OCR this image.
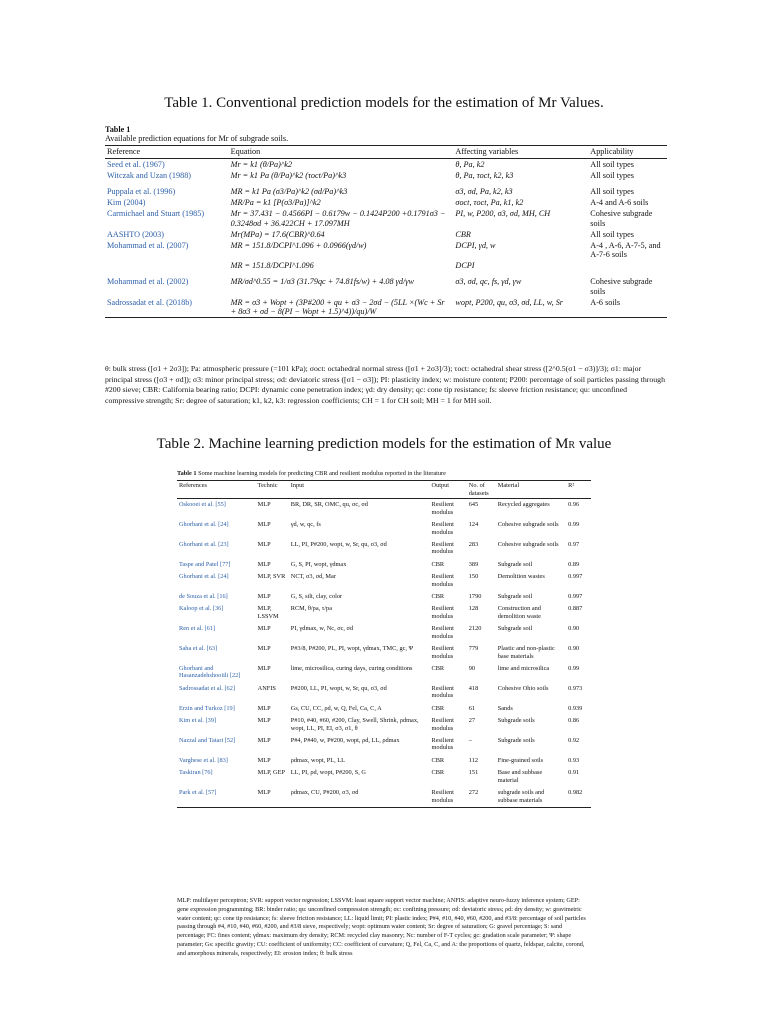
Table 1. Conventional prediction models for the estimation of Mr Values.
Table 1
Available prediction equations for Mr of subgrade soils.
Reference	Equation	Affecting variables	Applicability
Seed et al. (1967)	Mr = k1 (θ/Pa)^k2	θ, Pa, k2	All soil types
Witczak and Uzan (1988)	Mr = k1 Pa (θ/Pa)^k2 (τoct/Pa)^k3	θ, Pa, τoct, k2, k3	All soil types
Puppala et al. (1996)	MR = k1 Pa (σ3/Pa)^k2 (σd/Pa)^k3	σ3, σd, Pa, k2, k3	All soil types
Kim (2004)	MR/Pa = k1 [P(σ3/Pa)]^k2	σoct, τoct, Pa, k1, k2	A-4 and A-6 soils
Carmichael and Stuart (1985)	Mr = 37.431 − 0.4566PI − 0.6179w − 0.1424P200 +0.1791σ3 − 0.3248σd + 36.422CH + 17.097MH	PI, w, P200, σ3, σd, MH, CH	Cohesive subgrade soils
AASHTO (2003)	Mr(MPa) = 17.6(CBR)^0.64	CBR	All soil types
Mohammad et al. (2007)	MR = 151.8/DCPI^1.096 + 0.0966(γd/w)	DCPI, γd, w	A-4 , A-6, A-7-5, and A-7-6 soils
	MR = 151.8/DCPI^1.096	DCPI	
Mohammad et al. (2002)	MR/σd^0.55 = 1/σ3 (31.79qc + 74.81fs/w) + 4.08 γd/γw	σ3, σd, qc, fs, γd, γw	Cohesive subgrade soils
Sadrossadat et al. (2018b)	MR = σ3 + Wopt + (3P#200 + qu + σ3 − 2σd − (5LL ×(Wc + Sr + 8σ3 + σd − 8(PI − Wopt + 1.5)^4))/qu)/W	wopt, P200, qu, σ3, σd, LL, w, Sr	A-6 soils
θ: bulk stress ([σ1 + 2σ3]); Pa: atmospheric pressure (=101 kPa); σoct: octahedral normal stress ([σ1 + 2σ3]/3); τoct: octahedral shear stress ([2^0.5(σ1 − σ3)]/3); σ1: major principal stress ([σ3 + σd]); σ3: minor principal stress; σd: deviatoric stress ([σ1 − σ3]); PI: plasticity index; w: moisture content; P200: percentage of soil particles passing through #200 sieve; CBR: California bearing ratio; DCPI: dynamic cone penetration index; γd: dry density; qc: cone tip resistance; fs: sleeve friction resistance; qu: unconfined compressive strength; Sr: degree of saturation; k1, k2, k3: regression coefficients; CH = 1 for CH soil; MH = 1 for MH soil.
Table 2. Machine learning prediction models for the estimation of MR value
Table 1 Some machine learning models for predicting CBR and resilient modulus reported in the literature
References	Technic	Input	Output	No. of datasets	Material	R²
Oskooei et al. [55]	MLP	BR, DR, SR, OMC, qu, σc, σd	Resilient modulus	645	Recycled aggregates	0.96
Ghorbani et al. [24]	MLP	γd, w, qc, fs	Resilient modulus	124	Cohesive subgrade soils	0.99
Ghorbani et al. [23]	MLP	LL, PI, P#200, wopt, w, Sr, qu, σ3, σd	Resilient modulus	283	Cohesive subgrade soils	0.97
Taspe and Patel [77]	MLP	G, S, PI, wopt, γdmax	CBR	389	Subgrade soil	0.89
Ghorbani et al. [24]	MLP, SVR	NCT, σ3, σd, Mar	Resilient modulus	150	Demolition wastes	0.997
de Souza et al. [16]	MLP	G, S, silt, clay, color	CBR	1790	Subgrade soil	0.997
Kaloop et al. [36]	MLP, LSSVM	RCM, θ/pa, τ/pa	Resilient modulus	128	Construction and demolition waste	0.887
Ren et al. [61]	MLP	PI, γdmax, w, Nc, σc, σd	Resilient modulus	2120	Subgrade soil	0.90
Saha et al. [63]	MLP	P#3/8, P#200, PL, PI, wopt, γdmax, TMC, gc, Ψ	Resilient modulus	779	Plastic and non-plastic base materials	0.90
Ghorbani and Hasanzadehshooiili [22]	MLP	lime, microsilica, curing days, curing conditions	CBR	90	lime and microsilica	0.99
Sadrossadat et al. [62]	ANFIS	P#200, LL, PI, wopt, w, Sr, qu, σ3, σd	Resilient modulus	418	Cohesive Ohio soils	0.973
Erzin and Turkoz [19]	MLP	Gs, CU, CC, ρd, w, Q, Fel, Ca, C, A	CBR	61	Sands	0.939
Kim et al. [39]	MLP	P#10, #40, #60, #200, Clay, Swell, Shrink, ρdmax, wopt, LL, PI, EI, σ3, σ1, θ	Resilient modulus	27	Subgrade soils	0.86
Nazzal and Tatari [52]	MLP	P#4, P#40, w, P#200, wopt, ρd, LL, ρdmax	Resilient modulus	–	Subgrade soils	0.92
Varghese et al. [83]	MLP	ρdmax, wopt, PL, LL	CBR	112	Fine-grained soils	0.93
Taskiran [76]	MLP, GEP	LL, PI, ρd, wopt, P#200, S, G	CBR	151	Base and subbase material	0.91
Park et al. [57]	MLP	ρdmax, CU, P#200, σ3, σd	Resilient modulus	272	subgrade soils and subbase materials	0.982
MLP: multilayer perceptron; SVR: support vector regression; LSSVM: least square support vector machine; ANFIS: adaptive neuro-fuzzy inference system; GEP: gene expression programming; BR: binder ratio; qu: unconfined compression strength; σc: confining pressure; σd: deviatoric stress; ρd: dry density; w: gravimetric water content; qc: cone tip resistance; fs: sleeve friction resistance; LL: liquid limit; PI: plastic index; P#4, #10, #40, #60, #200, and #3/8: percentage of soil particles passing through #4, #10, #40, #60, #200, and #3/8 sieve, respectively; wopt: optimum water content; Sr: degree of saturation; G: gravel percentage; S: sand percentage; FC: fines content; γdmax: maximum dry density; RCM: recycled clay masonry; Nc: number of F-T cycles; gc: gradation scale parameter; Ψ: shape parameter; Gs: specific gravity; CU: coefficient of uniformity; CC: coefficient of curvature; Q, Fel, Ca, C, and A: the proportions of quartz, feldspar, calcite, corond, and amorphous minerals, respectively; EI: erosion index; θ: bulk stress
